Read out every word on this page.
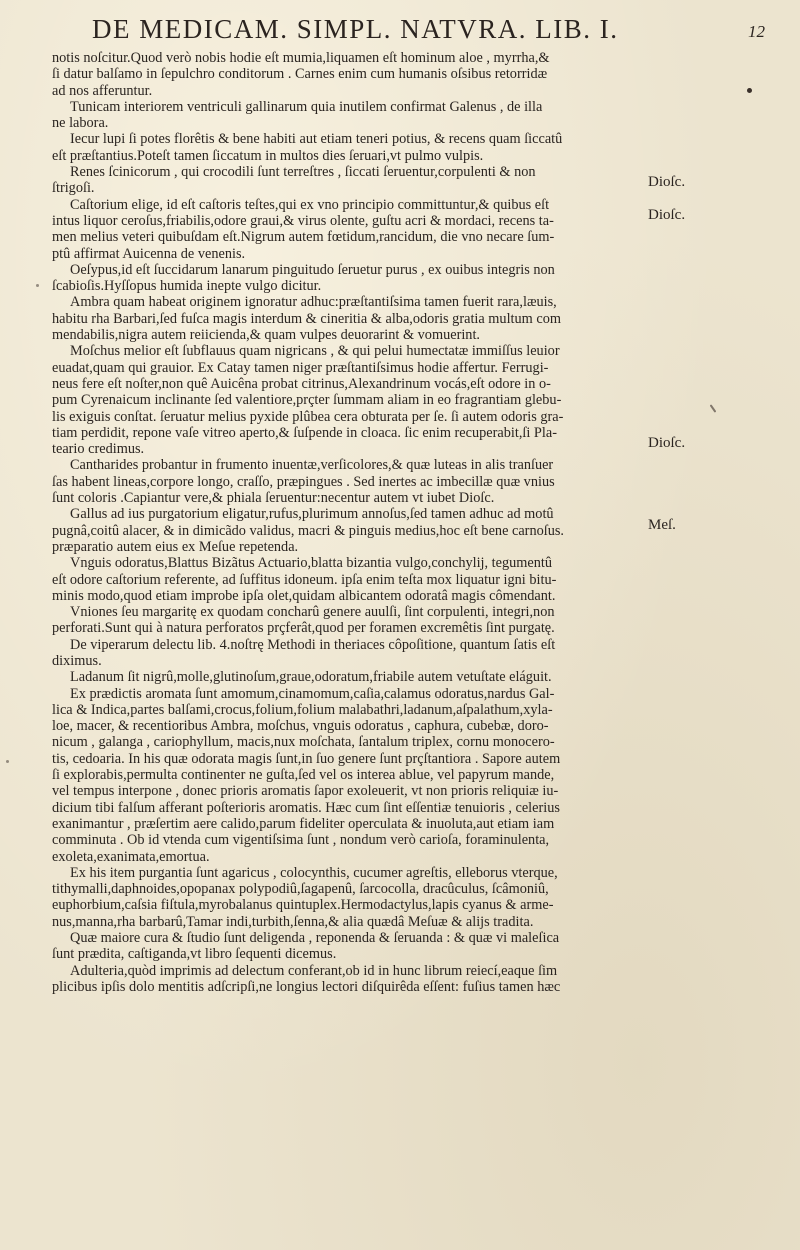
DE MEDICAM. SIMPL. NATVRA. LIB. I.	12
notis noſcitur.Quod verò nobis hodie eſt mumia,liquamen eſt hominum aloe , myrrha,&
ſi datur balſamo in ſepulchro conditorum . Carnes enim cum humanis oſsibus retorridæ
ad nos afferuntur.
Tunicam interiorem ventriculi gallinarum quia inutilem confirmat Galenus , de illa
ne labora.
Iecur lupi ſi potes florêtis & bene habiti aut etiam teneri potius, & recens quam ſiccatû
eſt præſtantius.Poteſt tamen ſiccatum in multos dies ſeruari,vt pulmo vulpis.
Renes ſcinicorum , qui crocodili ſunt terreſtres , ſiccati ſeruentur,corpulenti & non
ſtrigoſi.
Caſtorium elige, id eſt caſtoris teſtes,qui ex vno principio committuntur,& quibus eſt
intus liquor ceroſus,friabilis,odore graui,& virus olente, guſtu acri & mordaci, recens ta-
men melius veteri quibuſdam eſt.Nigrum autem fœtidum,rancidum, die vno necare ſum-
ptû affirmat Auicenna de venenis.
Oeſypus,id eſt ſuccidarum lanarum pinguitudo ſeruetur purus , ex ouibus integris non
ſcabioſis.Hyſſopus humida inepte vulgo dicitur.
Ambra quam habeat originem ignoratur adhuc:præſtantiſsima tamen fuerit rara,læuis,
habitu rha Barbari,ſed fuſca magis interdum & cineritia & alba,odoris gratia multum com
mendabilis,nigra autem reiicienda,& quam vulpes deuorarint & vomuerint.
Moſchus melior eſt ſubflauus quam nigricans , & qui pelui humectatæ immiſſus leuior
euadat,quam qui grauior. Ex Catay tamen niger præſtantiſsimus hodie affertur. Ferrugi-
neus fere eſt noſter,non quê Auicêna probat citrinus,Alexandrinum vocás,eſt odore in o-
pum Cyrenaicum inclinante ſed valentiore,prçter ſummam aliam in eo fragrantiam glebu-
lis exiguis conſtat. ſeruatur melius pyxide plûbea cera obturata per ſe. ſi autem odoris gra-
tiam perdidit, repone vaſe vitreo aperto,& ſuſpende in cloaca. ſic enim recuperabit,ſi Pla-
teario credimus.
Cantharides probantur in frumento inuentæ,verſicolores,& quæ luteas in alis tranſuer
ſas habent lineas,corpore longo, craſſo, præpingues . Sed inertes ac imbecillæ quæ vnius
ſunt coloris .Capiantur vere,& phiala ſeruentur:necentur autem vt iubet Dioſc.
Gallus ad ius purgatorium eligatur,rufus,plurimum annoſus,ſed tamen adhuc ad motû
pugnâ,coitû alacer, & in dimicãdo validus, macri & pinguis medius,hoc eſt bene carnoſus.
præparatio autem eius ex Meſue repetenda.
Vnguis odoratus,Blattus Bizãtus Actuario,blatta bizantia vulgo,conchylij, tegumentû
eſt odore caſtorium referente, ad ſuffitus idoneum. ipſa enim teſta mox liquatur igni bitu-
minis modo,quod etiam improbe ipſa olet,quidam albicantem odoratâ magis cômendant.
Vniones ſeu margaritę ex quodam concharû genere auulſi, ſint corpulenti, integri,non
perforati.Sunt qui à natura perforatos prçferât,quod per foramen excremêtis ſint purgatę.
De viperarum delectu lib. 4.noſtrę Methodi in theriaces côpoſitione, quantum ſatis eſt
diximus.
Ladanum ſit nigrû,molle,glutinoſum,graue,odoratum,friabile autem vetuſtate eláguit.
Ex prædictis aromata ſunt amomum,cinamomum,caſia,calamus odoratus,nardus Gal-
lica & Indica,partes balſami,crocus,folium,folium malabathri,ladanum,aſpalathum,xyla-
loe, macer, & recentioribus Ambra, moſchus, vnguis odoratus , caphura, cubebæ, doro-
nicum , galanga , cariophyllum, macis,nux moſchata, ſantalum triplex, cornu monocero-
tis, cedoaria. In his quæ odorata magis ſunt,in ſuo genere ſunt prçſtantiora . Sapore autem
ſi explorabis,permulta continenter ne guſta,ſed vel os interea ablue, vel papyrum mande,
vel tempus interpone , donec prioris aromatis ſapor exoleuerit, vt non prioris reliquiæ iu-
dicium tibi falſum afferant poſterioris aromatis. Hæc cum ſint eſſentiæ tenuioris , celerius
exanimantur , præſertim aere calido,parum fideliter operculata & inuoluta,aut etiam iam
comminuta . Ob id vtenda cum vigentiſsima ſunt , nondum verò carioſa, foraminulenta,
exoleta,exanimata,emortua.
Ex his item purgantia ſunt agaricus , colocynthis, cucumer agreſtis, elleborus vterque,
tithymalli,daphnoides,opopanax polypodiû,ſagapenû, ſarcocolla, dracûculus, ſcâmoniû,
euphorbium,caſsia fiſtula,myrobalanus quintuplex.Hermodactylus,lapis cyanus & arme-
nus,manna,rha barbarû,Tamar indi,turbith,ſenna,& alia quædâ Meſuæ & alijs tradita.
Quæ maiore cura & ſtudio ſunt deligenda , reponenda & ſeruanda : & quæ vi maleſica
ſunt prædita, caſtiganda,vt libro ſequenti dicemus.
Adulteria,quòd imprimis ad delectum conferant,ob id in hunc librum reiecí,eaque ſim
plicibus ipſis dolo mentitis adſcripſi,ne longius lectori diſquirêda eſſent: fuſius tamen hæc
Dioſc.
Dioſc.
Dioſc.
Meſ.
